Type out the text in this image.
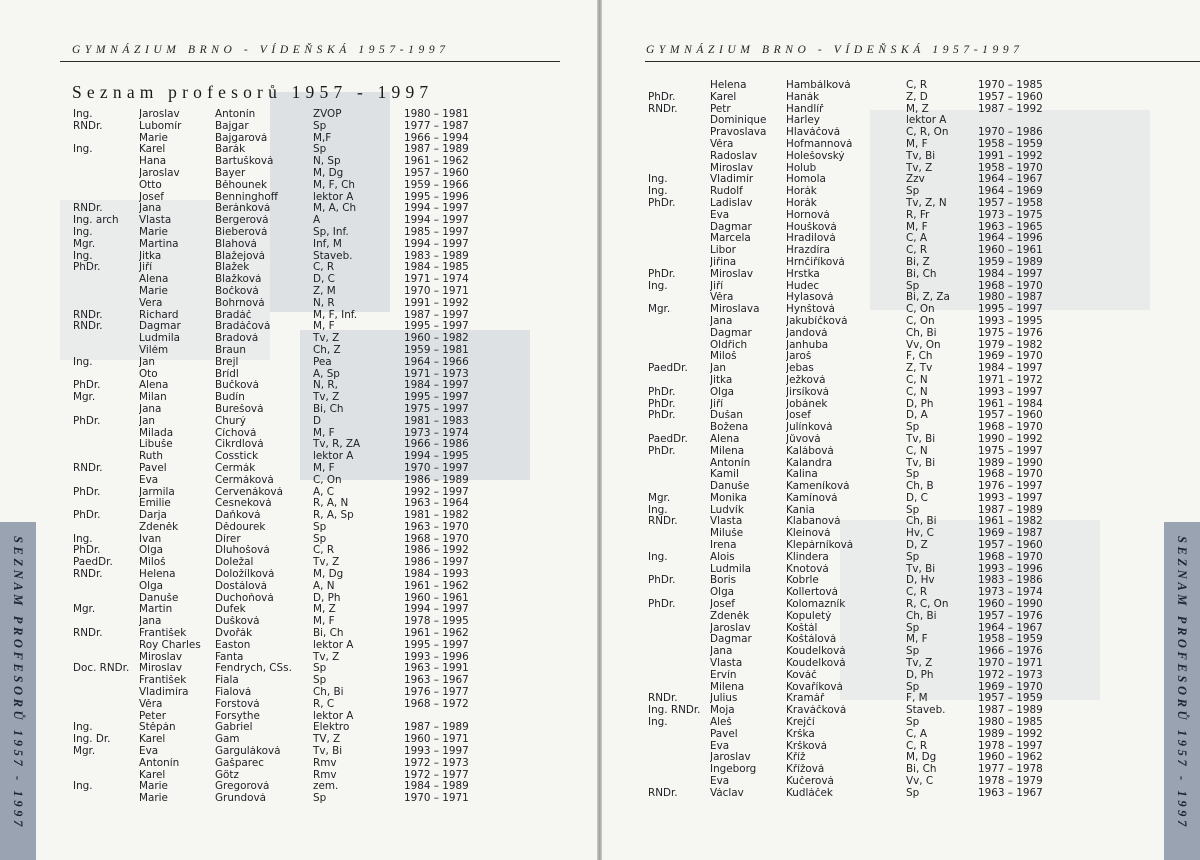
GYMNÁZIUM BRNO - VÍDEŇSKÁ 1957-1997
Seznam profesorů 1957 - 1997
Ing.	Jaroslav	Antonín	ZVOP	1980 – 1981
RNDr.	Lubomír	Bajgar	Sp	1977 – 1987
	Marie	Bajgarová	M,F	1966 – 1994
Ing.	Karel	Barák	Sp	1987 – 1989
	Hana	Bartušková	N, Šp	1961 – 1962
	Jaroslav	Bayer	M, Dg	1957 – 1960
	Otto	Běhounek	M, F, Ch	1959 – 1966
	Josef	Benninghoff	lektor A	1995 – 1996
RNDr.	Jana	Beránková	M, A, Ch	1994 – 1997
Ing. arch	Vlasta	Bergerová	A	1994 – 1997
Ing.	Marie	Bieberová	Sp, Inf.	1985 – 1997
Mgr.	Martina	Blahová	Inf, M	1994 – 1997
Ing.	Jitka	Blažejová	Staveb.	1983 – 1989
PhDr.	Jiří	Blažek	Č, R	1984 – 1985
	Alena	Blažková	D, Č	1971 – 1974
	Marie	Bočková	Z, M	1970 – 1971
	Vera	Bohrnová	N, R	1991 – 1992
RNDr.	Richard	Bradáč	M, F, Inf.	1987 – 1997
RNDr.	Dagmar	Bradáčová	M, F	1995 – 1997
	Ludmila	Bradová	Tv, Z	1960 – 1982
	Vilém	Braun	Ch, Z	1959 – 1981
Ing.	Jan	Brejl	Pea	1964 – 1966
	Oto	Brídl	A, Šp	1971 – 1973
PhDr.	Alena	Bučková	N, R,	1984 – 1997
Mgr.	Milan	Budín	Tv, Z	1995 – 1997
	Jana	Burešová	Bi, Ch	1975 – 1997
PhDr.	Jan	Churý	D	1981 – 1983
	Milada	Cíchová	M, F	1973 – 1974
	Libuše	Cikrdlová	Tv, R, ZA	1966 – 1986
	Ruth	Cosstick	lektor A	1994 – 1995
RNDr.	Pavel	Čermák	M, F	1970 – 1997
	Eva	Čermáková	Č, On	1986 – 1989
PhDr.	Jarmila	Červenáková	A, Č	1992 – 1997
	Emilie	Česneková	R, A, N	1963 – 1964
PhDr.	Darja	Daňková	R, A, Šp	1981 – 1982
	Zdeněk	Dědourek	Sp	1963 – 1970
Ing.	Ivan	Dírer	Sp	1968 – 1970
PhDr.	Olga	Dluhošová	Č, R	1986 – 1992
PaedDr.	Miloš	Doležal	Tv, Z	1986 – 1997
RNDr.	Helena	Doložílková	M, Dg	1984 – 1993
	Olga	Dostálová	A, N	1961 – 1962
	Danuše	Duchoňová	D, Ph	1960 – 1961
Mgr.	Martin	Dufek	M, Z	1994 – 1997
	Jana	Dušková	M, F	1978 – 1995
RNDr.	František	Dvořák	Bi, Ch	1961 – 1962
	Roy Charles	Easton	lektor A	1995 – 1997
	Miroslav	Fanta	Tv, Z	1993 – 1996
Doc. RNDr.	Miroslav	Fendrych, CSs.	Sp	1963 – 1991
	František	Fiala	Sp	1963 – 1967
	Vladimíra	Fialová	Ch, Bi	1976 – 1977
	Věra	Forstová	R, Č	1968 – 1972
	Peter	Forsythe	lektor A	
Ing.	Štěpán	Gabriel	Elektro	1987 – 1989
Ing. Dr.	Karel	Gam	TV, Z	1960 – 1971
Mgr.	Eva	Garguláková	Tv, Bi	1993 – 1997
	Antonín	Gašparec	Rmv	1972 – 1973
	Karel	Götz	Rmv	1972 – 1977
Ing.	Marie	Gregorová	zem.	1984 – 1989
	Marie	Grundová	Sp	1970 – 1971
SEZNAM PROFESORŮ 1957 - 1997
GYMNÁZIUM BRNO - VÍDEŇSKÁ 1957-1997
SEZNAM PROFESORŮ 1957 - 1997
	Helena	Hambálková	Č, R	1970 – 1985
PhDr.	Karel	Hanák	Z, D	1957 – 1960
RNDr.	Petr	Handlíř	M, Z	1987 – 1992
	Dominique	Harley	lektor A	
	Pravoslava	Hlaváčová	Č, R, On	1970 – 1986
	Věra	Hofmannová	M, F	1958 – 1959
	Radoslav	Holešovský	Tv, Bi	1991 – 1992
	Miroslav	Holub	Tv, Z	1958 – 1970
Ing.	Vladimír	Homola	Zzv	1964 – 1967
Ing.	Rudolf	Horák	Sp	1964 – 1969
PhDr.	Ladislav	Horák	Tv, Z, N	1957 – 1958
	Eva	Hornová	R, Fr	1973 – 1975
	Dagmar	Houšková	M, F	1963 – 1965
	Marcela	Hradilová	Č, A	1964 – 1996
	Libor	Hrazdíra	Č, R	1960 – 1961
	Jiřina	Hrnčiříková	Bi, Z	1959 – 1989
PhDr.	Miroslav	Hrstka	Bi, Ch	1984 – 1997
Ing.	Jiří	Hudec	Sp	1968 – 1970
	Věra	Hylasová	Bi, Z, Za	1980 – 1987
Mgr.	Miroslava	Hynštová	Č, On	1995 – 1997
	Jana	Jakubíčková	Č, On	1993 – 1995
	Dagmar	Jandová	Ch, Bi	1975 – 1976
	Oldřich	Janhuba	Vv, On	1979 – 1982
	Miloš	Jaroš	F, Ch	1969 – 1970
PaedDr.	Jan	Jebas	Z, Tv	1984 – 1997
	Jitka	Ježková	Č, N	1971 – 1972
PhDr.	Olga	Jirsíková	Č, N	1993 – 1997
PhDr.	Jiří	Jobánek	D, Ph	1961 – 1984
PhDr.	Dušan	Josef	D, A	1957 – 1960
	Božena	Julínková	Sp	1968 – 1970
PaedDr.	Alena	Jůvová	Tv, Bi	1990 – 1992
PhDr.	Milena	Kalábová	Č, N	1975 – 1997
	Antonín	Kalandra	Tv, Bi	1989 – 1990
	Kamil	Kalina	Sp	1968 – 1970
	Danuše	Kameníková	Ch, B	1976 – 1997
Mgr.	Monika	Kamínová	D, Č	1993 – 1997
Ing.	Ludvík	Kania	Sp	1987 – 1989
RNDr.	Vlasta	Klabanová	Ch, Bi	1961 – 1982
	Miluše	Kleinová	Hv, Č	1969 – 1987
	Irena	Klepárníková	D, Z	1957 – 1960
Ing.	Alois	Klindera	Sp	1968 – 1970
	Ludmila	Knotová	Tv, Bi	1993 – 1996
PhDr.	Boris	Kobrle	D, Hv	1983 – 1986
	Olga	Kollertová	Č, R	1973 – 1974
PhDr.	Josef	Kolomazník	R, Č, On	1960 – 1990
	Zdeněk	Kopuletý	Ch, Bi	1957 – 1976
	Jaroslav	Koštál	Sp	1964 – 1967
	Dagmar	Koštálová	M, F	1958 – 1959
	Jana	Koudelková	Sp	1966 – 1976
	Vlasta	Koudelková	Tv, Z	1970 – 1971
	Ervín	Kováč	D, Ph	1972 – 1973
	Milena	Kovaříková	Sp	1969 – 1970
RNDr.	Julius	Kramář	F, M	1957 – 1959
Ing. RNDr.	Moja	Kraváčková	Staveb.	1987 – 1989
Ing.	Aleš	Krejčí	Sp	1980 – 1985
	Pavel	Krška	Č, A	1989 – 1992
	Eva	Kršková	Č, R	1978 – 1997
	Jaroslav	Kříž	M, Dg	1960 – 1962
	Ingeborg	Křížová	Bi, Ch	1977 – 1978
	Eva	Kučerová	Vv, Č	1978 – 1979
RNDr.	Václav	Kudláček	Sp	1963 – 1967
